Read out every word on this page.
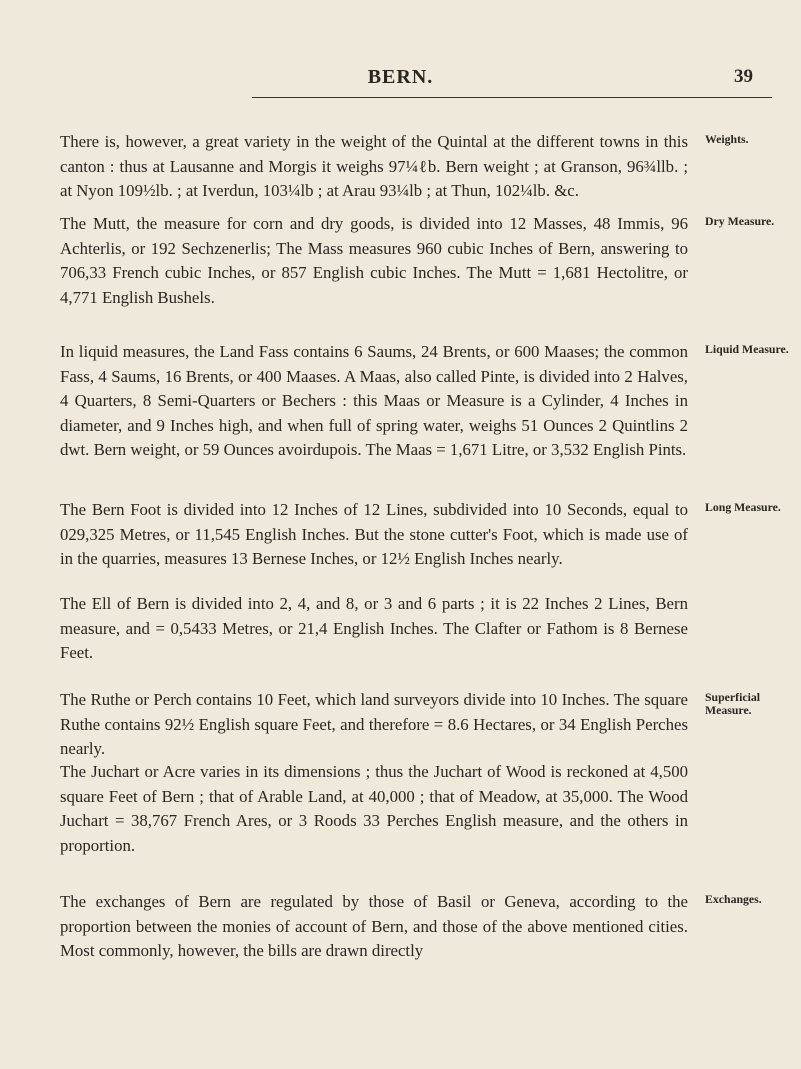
BERN.	39

There is, however, a great variety in the weight of the Quintal at the different towns in this canton : thus at Lausanne and Morgis it weighs 97¼ℓb. Bern weight ; at Granson, 96¾llb. ; at Nyon 109½lb. ; at Iverdun, 103¼lb ; at Arau 93¼lb ; at Thun, 102¼lb. &c.

The Mutt, the measure for corn and dry goods, is divided into 12 Masses, 48 Immis, 96 Achterlis, or 192 Sechzenerlis; The Mass measures 960 cubic Inches of Bern, answering to 706,33 French cubic Inches, or 857 English cubic Inches. The Mutt = 1,681 Hectolitre, or 4,771 English Bushels.

In liquid measures, the Land Fass contains 6 Saums, 24 Brents, or 600 Maases; the common Fass, 4 Saums, 16 Brents, or 400 Maases. A Maas, also called Pinte, is divided into 2 Halves, 4 Quarters, 8 Semi-Quarters or Bechers : this Maas or Measure is a Cylinder, 4 Inches in diameter, and 9 Inches high, and when full of spring water, weighs 51 Ounces 2 Quintlins 2 dwt. Bern weight, or 59 Ounces avoirdupois. The Maas = 1,671 Litre, or 3,532 English Pints.

The Bern Foot is divided into 12 Inches of 12 Lines, subdivided into 10 Seconds, equal to 029,325 Metres, or 11,545 English Inches. But the stone cutter's Foot, which is made use of in the quarries, measures 13 Bernese Inches, or 12½ English Inches nearly.

The Ell of Bern is divided into 2, 4, and 8, or 3 and 6 parts ; it is 22 Inches 2 Lines, Bern measure, and = 0,5433 Metres, or 21,4 English Inches. The Clafter or Fathom is 8 Bernese Feet.

The Ruthe or Perch contains 10 Feet, which land surveyors divide into 10 Inches. The square Ruthe contains 92½ English square Feet, and therefore = 8.6 Hectares, or 34 English Perches nearly.

The Juchart or Acre varies in its dimensions ; thus the Juchart of Wood is reckoned at 4,500 square Feet of Bern ; that of Arable Land, at 40,000 ; that of Meadow, at 35,000. The Wood Juchart = 38,767 French Ares, or 3 Roods 33 Perches English measure, and the others in proportion.

The exchanges of Bern are regulated by those of Basil or Geneva, according to the proportion between the monies of account of Bern, and those of the above mentioned cities. Most commonly, however, the bills are drawn directly

Weights.
Dry Measure.
Liquid Measure.
Long Measure.
Superficial Measure.
Exchanges.
